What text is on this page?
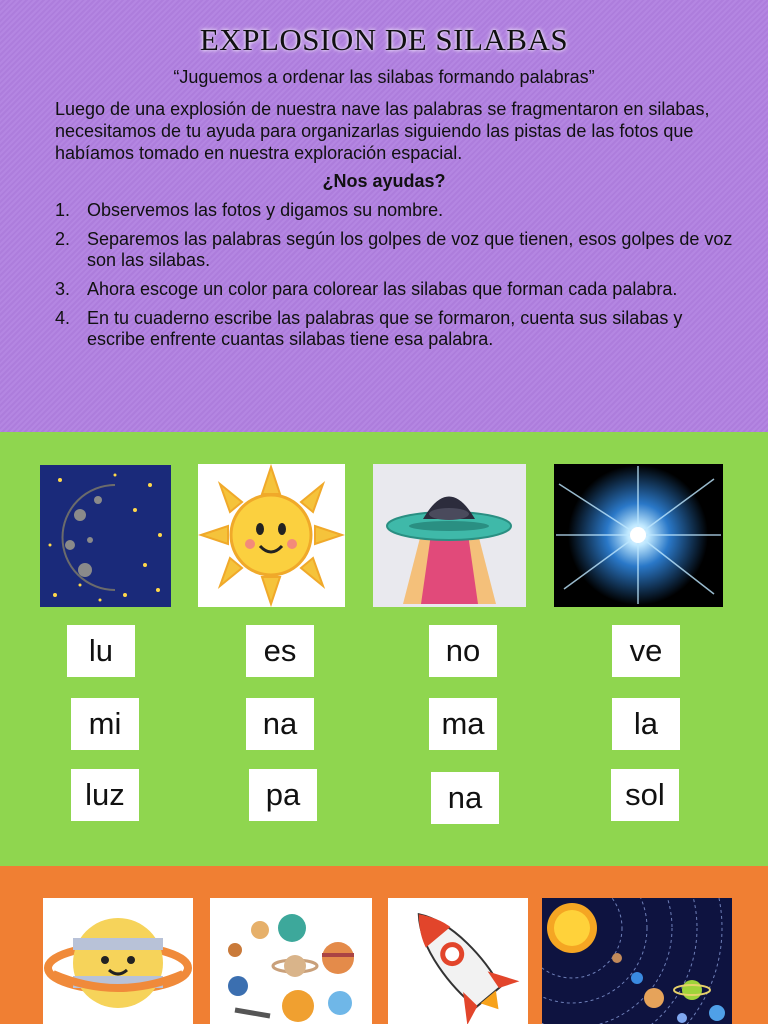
EXPLOSION DE SILABAS
“Juguemos a ordenar las silabas formando palabras”
Luego de una explosión de nuestra nave las palabras se fragmentaron en silabas, necesitamos de tu ayuda para organizarlas siguiendo las pistas de las fotos que habíamos tomado en nuestra exploración espacial.
¿Nos ayudas?
1. Observemos las fotos y digamos su nombre.
2. Separemos las palabras según los golpes de voz que tienen, esos golpes de voz son las silabas.
3. Ahora escoge un color para colorear las silabas que forman cada palabra.
4. En tu cuaderno escribe las palabras que se formaron, cuenta sus silabas y escribe enfrente cuantas silabas tiene esa palabra.
lu	es	no	ve
mi	na	ma	la
luz	pa	na	sol
